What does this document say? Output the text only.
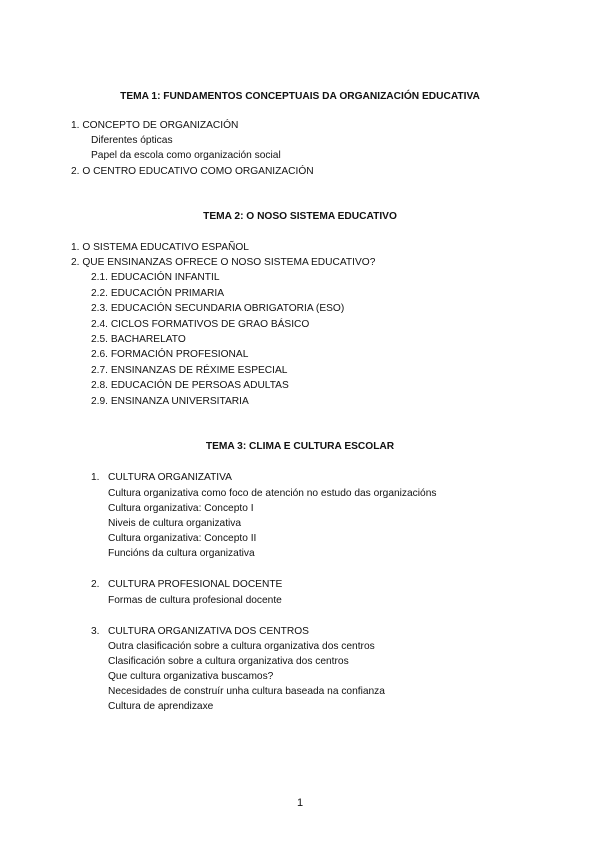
TEMA 1: FUNDAMENTOS CONCEPTUAIS DA ORGANIZACIÓN EDUCATIVA
1. CONCEPTO DE ORGANIZACIÓN
Diferentes ópticas
Papel da escola como organización social
2. O CENTRO EDUCATIVO COMO ORGANIZACIÓN
TEMA 2: O NOSO SISTEMA EDUCATIVO
1. O SISTEMA EDUCATIVO ESPAÑOL
2. QUE ENSINANZAS OFRECE O NOSO SISTEMA EDUCATIVO?
2.1. EDUCACIÓN INFANTIL
2.2. EDUCACIÓN PRIMARIA
2.3. EDUCACIÓN SECUNDARIA OBRIGATORIA (ESO)
2.4. CICLOS FORMATIVOS DE GRAO BÁSICO
2.5. BACHARELATO
2.6. FORMACIÓN PROFESIONAL
2.7. ENSINANZAS DE RÉXIME ESPECIAL
2.8. EDUCACIÓN DE PERSOAS ADULTAS
2.9. ENSINANZA UNIVERSITARIA
TEMA 3: CLIMA E CULTURA ESCOLAR
1. CULTURA ORGANIZATIVA
Cultura organizativa como foco de atención no estudo das organizacións
Cultura organizativa: Concepto I
Niveis de cultura organizativa
Cultura organizativa: Concepto II
Funcións da cultura organizativa
2. CULTURA PROFESIONAL DOCENTE
Formas de cultura profesional docente
3. CULTURA ORGANIZATIVA DOS CENTROS
Outra clasificación sobre a cultura organizativa dos centros
Clasificación sobre a cultura organizativa dos centros
Que cultura organizativa buscamos?
Necesidades de construír unha cultura baseada na confianza
Cultura de aprendizaxe
1
